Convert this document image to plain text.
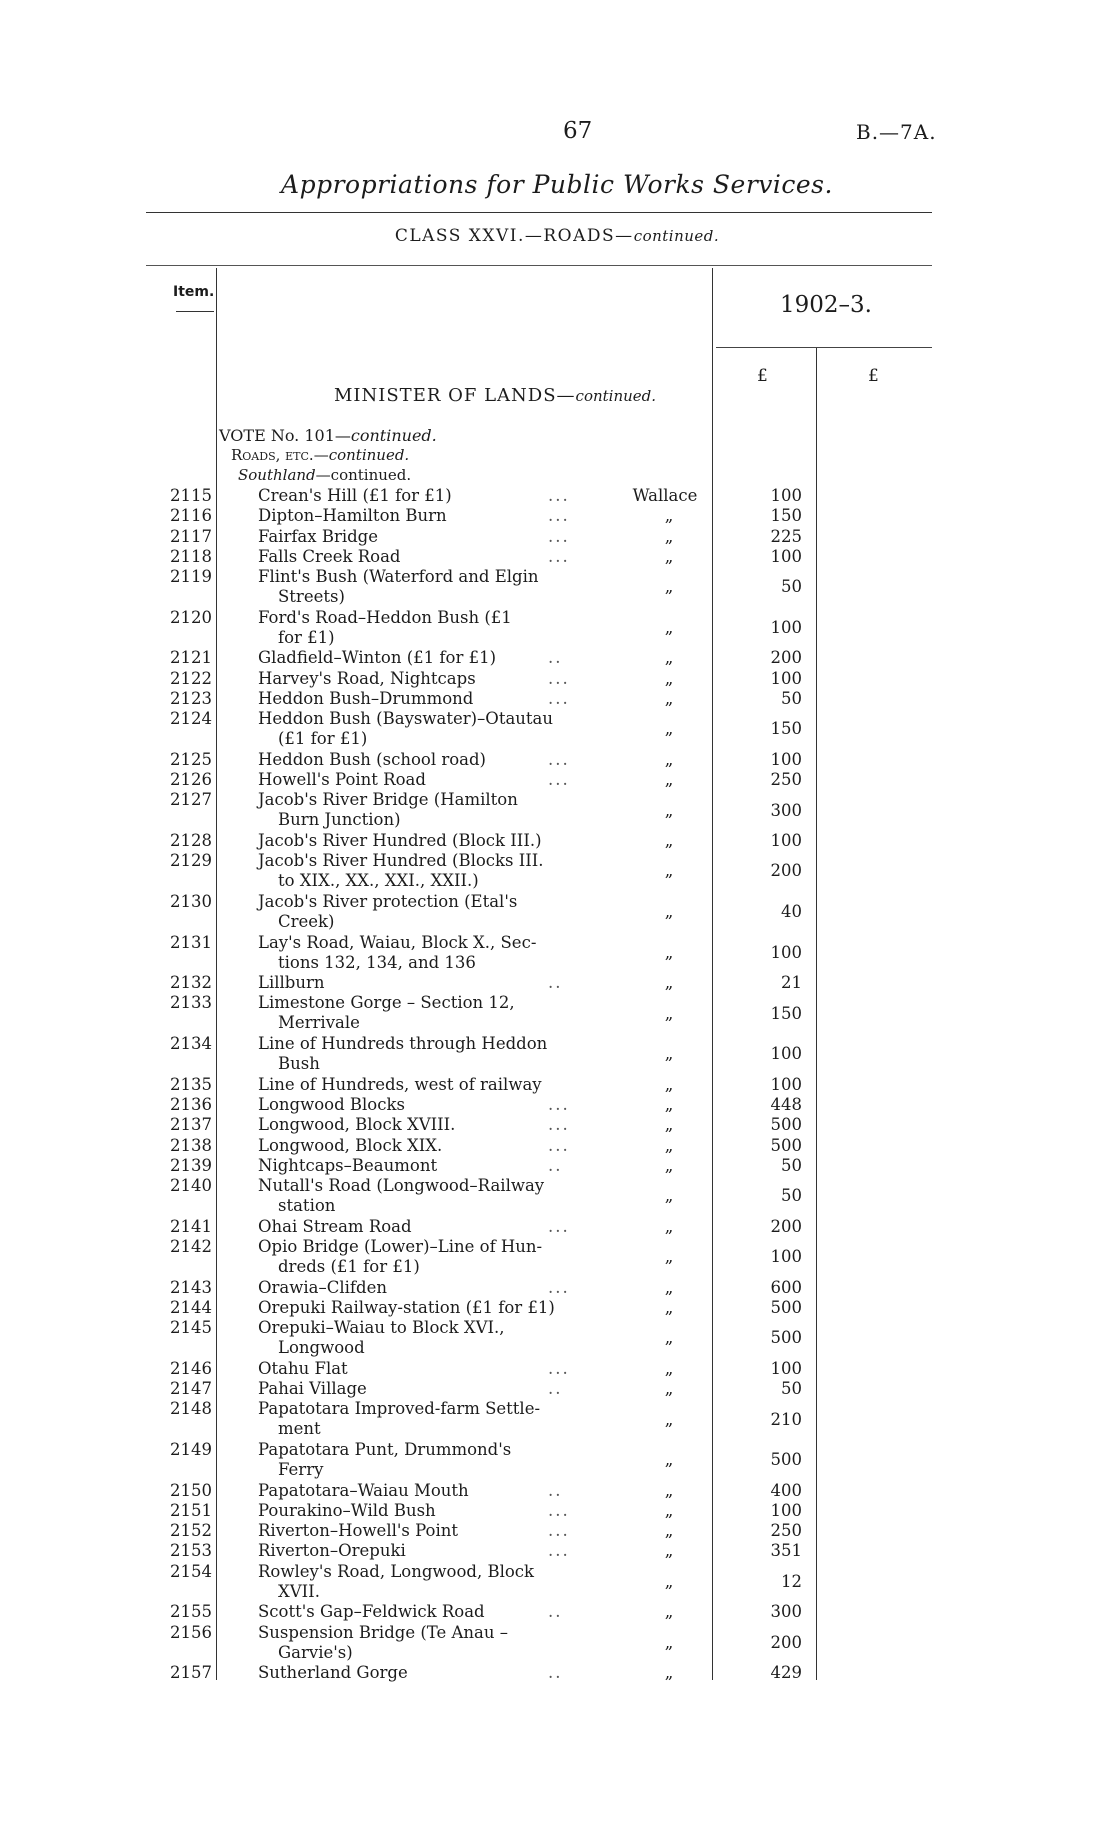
67	B.—7A.
Appropriations for Public Works Services.
CLASS XXVI.—ROADS—continued.
Item.	1902–3.
£	£
MINISTER OF LANDS—continued.
VOTE No. 101—continued.
Roads, etc.—continued.
Southland—continued.
2115	Crean's Hill (£1 for £1)	...	Wallace	100
2116	Dipton–Hamilton Burn	...	„	150
2117	Fairfax Bridge	...	„	225
2118	Falls Creek Road	...	„	100
2119	Flint's Bush (Waterford and Elgin
Streets)
„	50
2120	Ford's Road–Heddon Bush (£1
for £1)
„	100
2121	Gladfield–Winton (£1 for £1)	..	„	200
2122	Harvey's Road, Nightcaps	...	„	100
2123	Heddon Bush–Drummond	...	„	50
2124	Heddon Bush (Bayswater)–Otautau
(£1 for £1)
„	150
2125	Heddon Bush (school road)	...	„	100
2126	Howell's Point Road	...	„	250
2127	Jacob's River Bridge (Hamilton
Burn Junction)
„	300
2128	Jacob's River Hundred (Block III.)	„	100
2129	Jacob's River Hundred (Blocks III.
to XIX., XX., XXI., XXII.)
„	200
2130	Jacob's River protection (Etal's
Creek)
„	40
2131	Lay's Road, Waiau, Block X., Sec-
tions 132, 134, and 136
„	100
2132	Lillburn	..	„	21
2133	Limestone Gorge – Section 12,
Merrivale
„	150
2134	Line of Hundreds through Heddon
Bush
„	100
2135	Line of Hundreds, west of railway	„	100
2136	Longwood Blocks	...	„	448
2137	Longwood, Block XVIII.	...	„	500
2138	Longwood, Block XIX.	...	„	500
2139	Nightcaps–Beaumont	..	„	50
2140	Nutall's Road (Longwood–Railway
station
„	50
2141	Ohai Stream Road	...	„	200
2142	Opio Bridge (Lower)–Line of Hun-
dreds (£1 for £1)
„	100
2143	Orawia–Clifden	...	„	600
2144	Orepuki Railway-station (£1 for £1)	„	500
2145	Orepuki–Waiau to Block XVI.,
Longwood
„	500
2146	Otahu Flat	...	„	100
2147	Pahai Village	..	„	50
2148	Papatotara Improved-farm Settle-
ment
„	210
2149	Papatotara Punt, Drummond's
Ferry
„	500
2150	Papatotara–Waiau Mouth	..	„	400
2151	Pourakino–Wild Bush	...	„	100
2152	Riverton–Howell's Point	...	„	250
2153	Riverton–Orepuki	...	„	351
2154	Rowley's Road, Longwood, Block
XVII.
„	12
2155	Scott's Gap–Feldwick Road	..	„	300
2156	Suspension Bridge (Te Anau –
Garvie's)
„	200
2157	Sutherland Gorge	..	„	429
